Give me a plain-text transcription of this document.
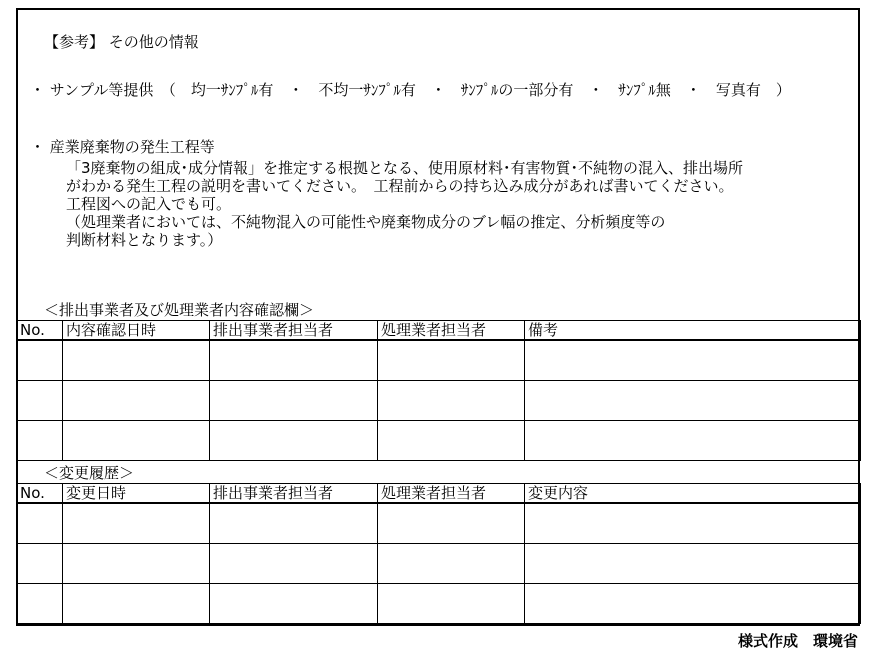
【参考】 その他の情報
・ サンプル等提供　（　均一ｻﾝﾌﾟﾙ有　・　不均一ｻﾝﾌﾟﾙ有　・　ｻﾝﾌﾟﾙの一部分有　・　ｻﾝﾌﾟﾙ無　・　写真有　）
・ 産業廃棄物の発生工程等
「3廃棄物の組成･成分情報」を推定する根拠となる、使用原材料･有害物質･不純物の混入、排出場所
がわかる発生工程の説明を書いてください。　工程前からの持ち込み成分があれば書いてください。
工程図への記入でも可。
（処理業者においては、不純物混入の可能性や廃棄物成分のブレ幅の推定、分析頻度等の
判断材料となります。）
＜排出事業者及び処理業者内容確認欄＞
No.	内容確認日時	排出事業者担当者	処理業者担当者	備考

＜変更履歴＞
No.	変更日時	排出事業者担当者	処理業者担当者	変更内容

様式作成　環境省
